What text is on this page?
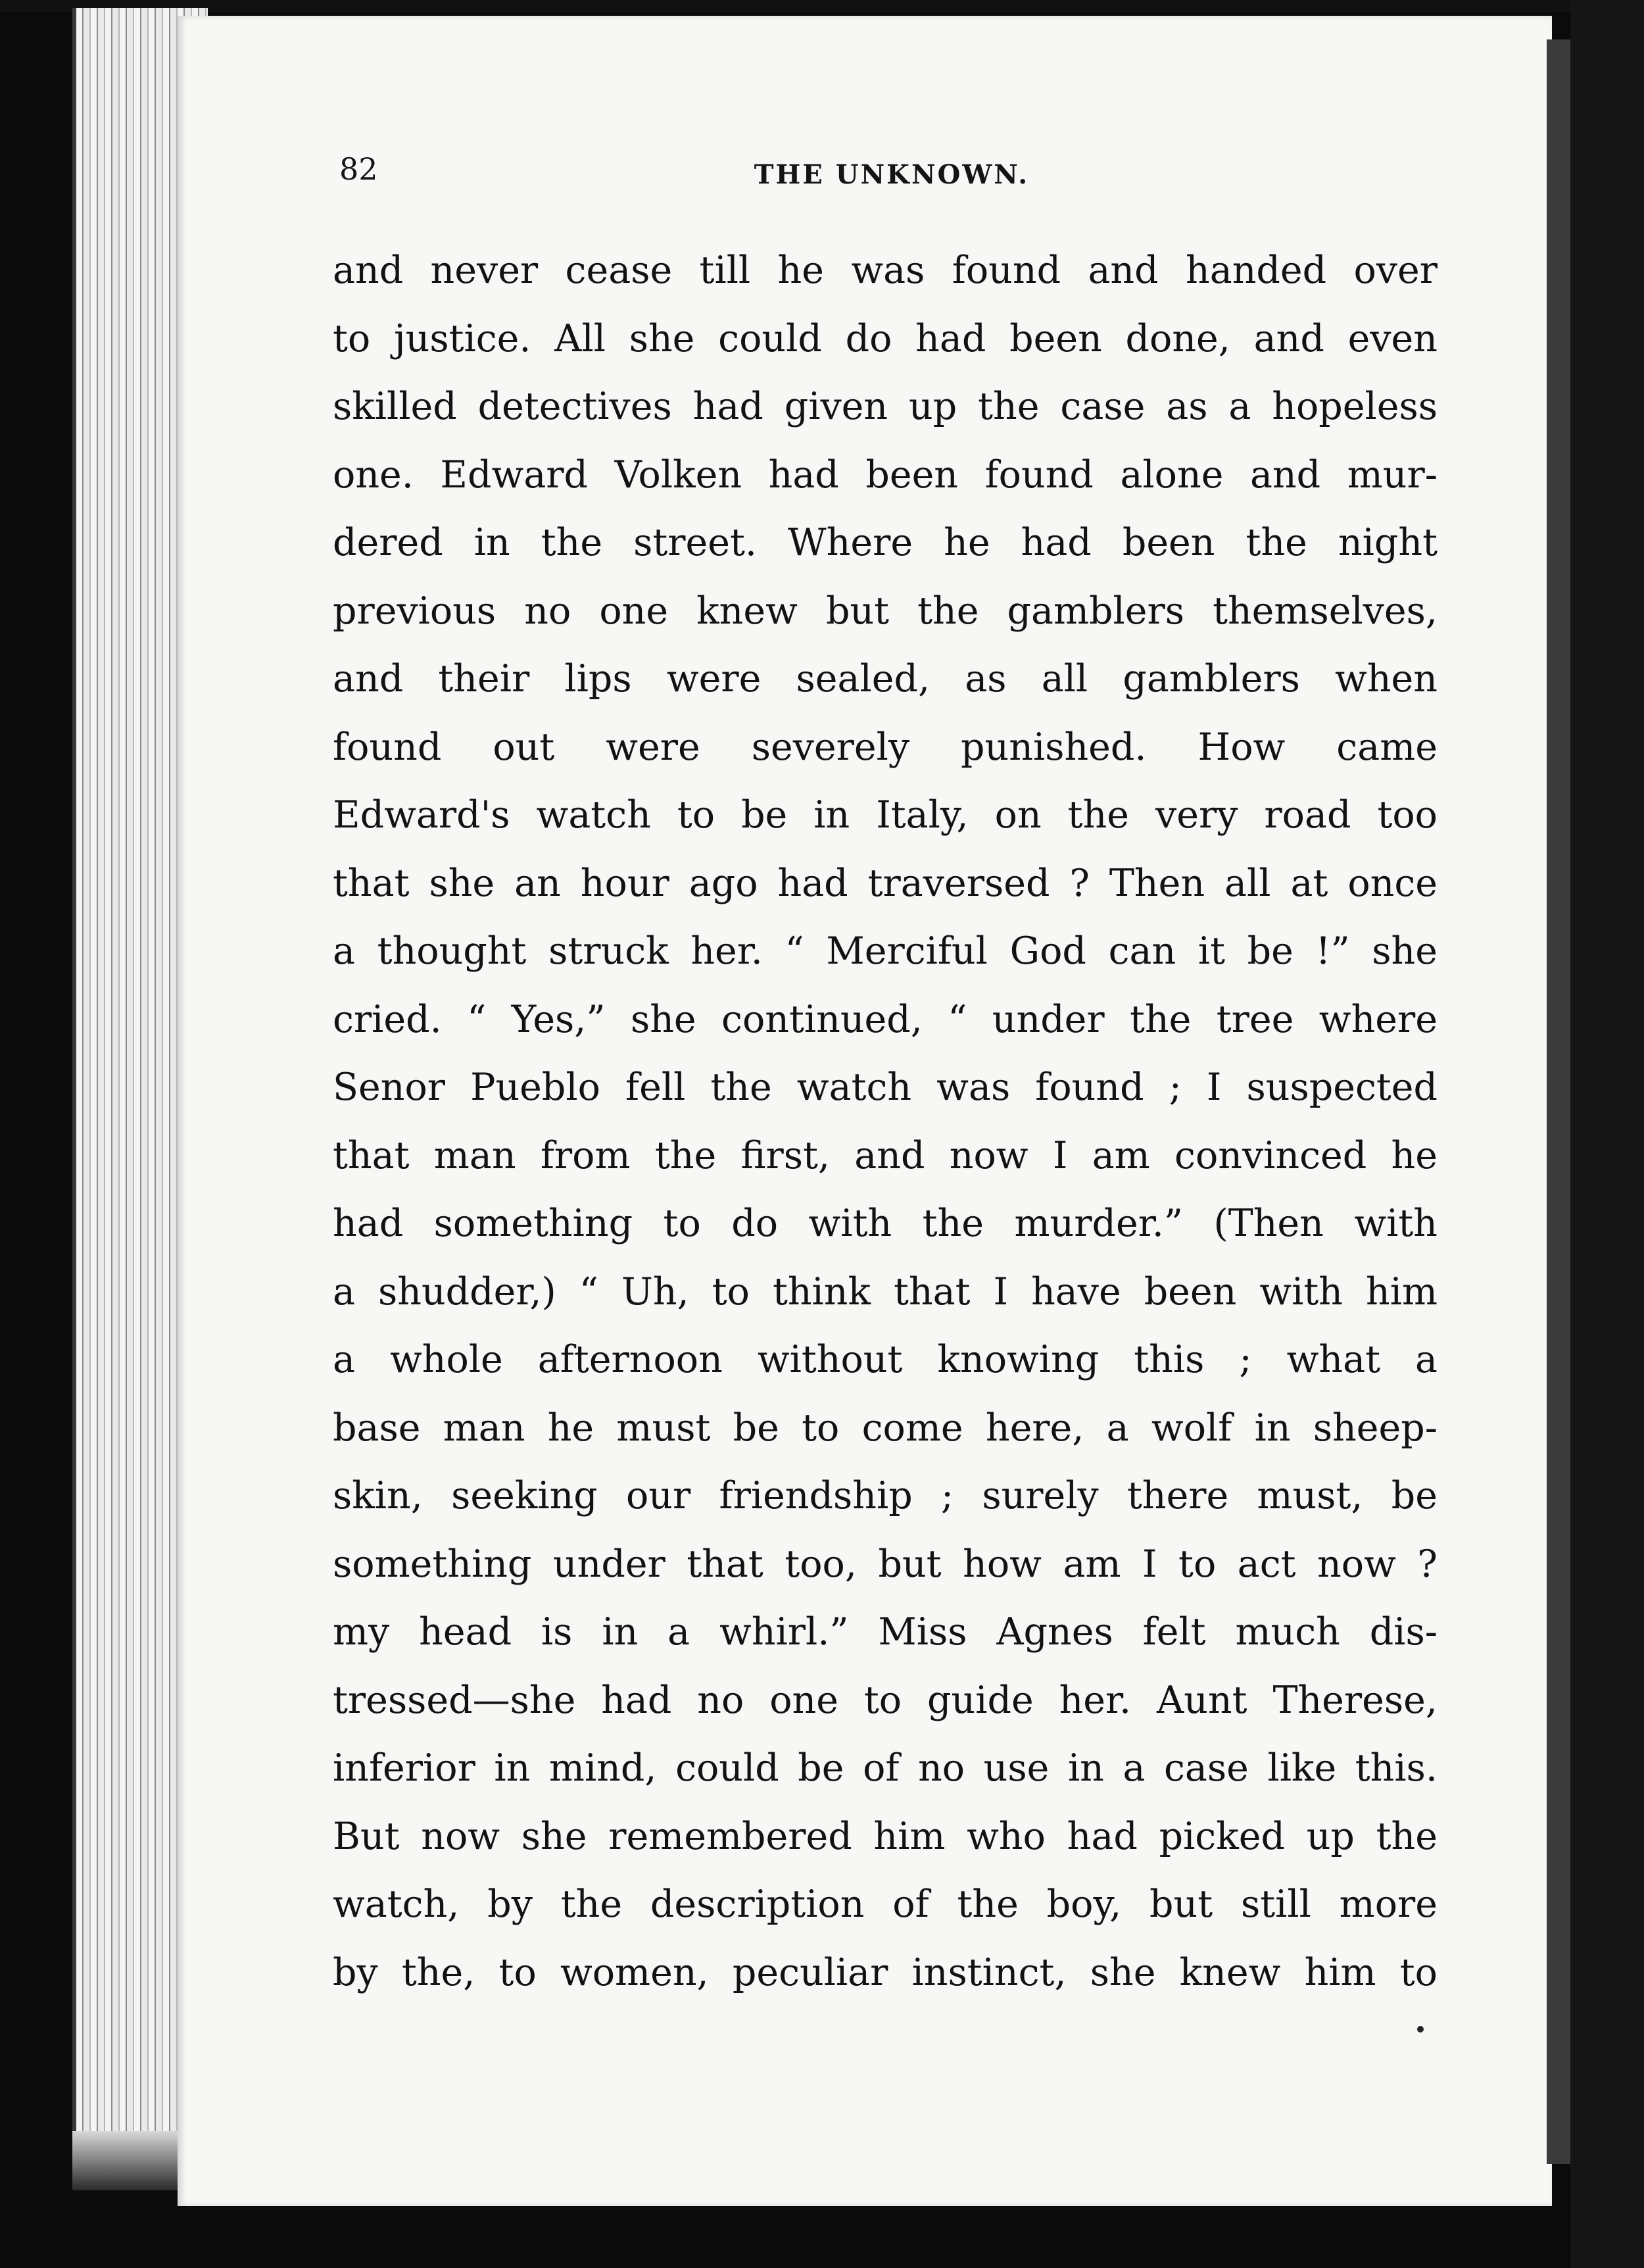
82	THE UNKNOWN.
and never cease till he was found and handed over
to justice. All she could do had been done, and even
skilled detectives had given up the case as a hopeless
one. Edward Volken had been found alone and mur-
dered in the street. Where he had been the night
previous no one knew but the gamblers themselves,
and their lips were sealed, as all gamblers when
found out were severely punished. How came
Edward's watch to be in Italy, on the very road too
that she an hour ago had traversed ? Then all at once
a thought struck her. “ Merciful God can it be !” she
cried. “ Yes,” she continued, “ under the tree where
Senor Pueblo fell the watch was found ; I suspected
that man from the first, and now I am convinced he
had something to do with the murder.” (Then with
a shudder,) “ Uh, to think that I have been with him
a whole afternoon without knowing this ; what a
base man he must be to come here, a wolf in sheep-
skin, seeking our friendship ; surely there must, be
something under that too, but how am I to act now ?
my head is in a whirl.” Miss Agnes felt much dis-
tressed—she had no one to guide her. Aunt Therese,
inferior in mind, could be of no use in a case like this.
But now she remembered him who had picked up the
watch, by the description of the boy, but still more
by the, to women, peculiar instinct, she knew him to
